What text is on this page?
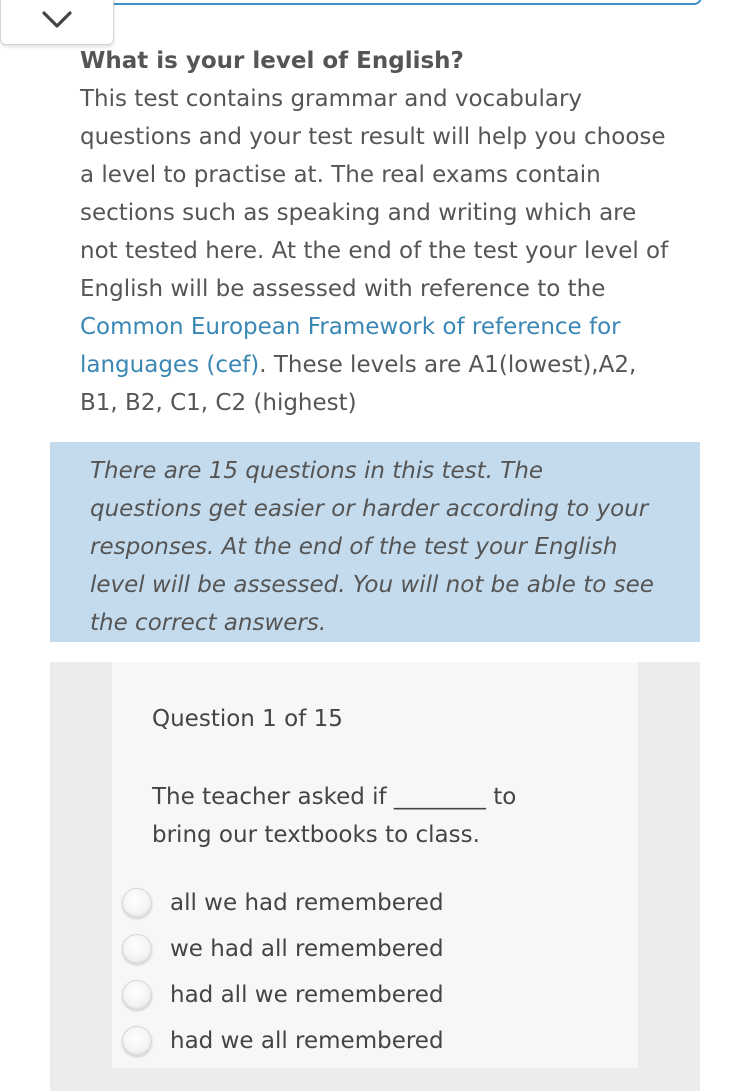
What is your level of English?
This test contains grammar and vocabulary questions and your test result will help you choose a level to practise at. The real exams contain sections such as speaking and writing which are not tested here. At the end of the test your level of English will be assessed with reference to the Common European Framework of reference for languages (cef). These levels are A1(lowest),A2, B1, B2, C1, C2 (highest)
There are 15 questions in this test. The questions get easier or harder according to your responses. At the end of the test your English level will be assessed. You will not be able to see the correct answers.
Question 1 of 15
The teacher asked if ________ to
bring our textbooks to class.
all we had remembered
we had all remembered
had all we remembered
had we all remembered
